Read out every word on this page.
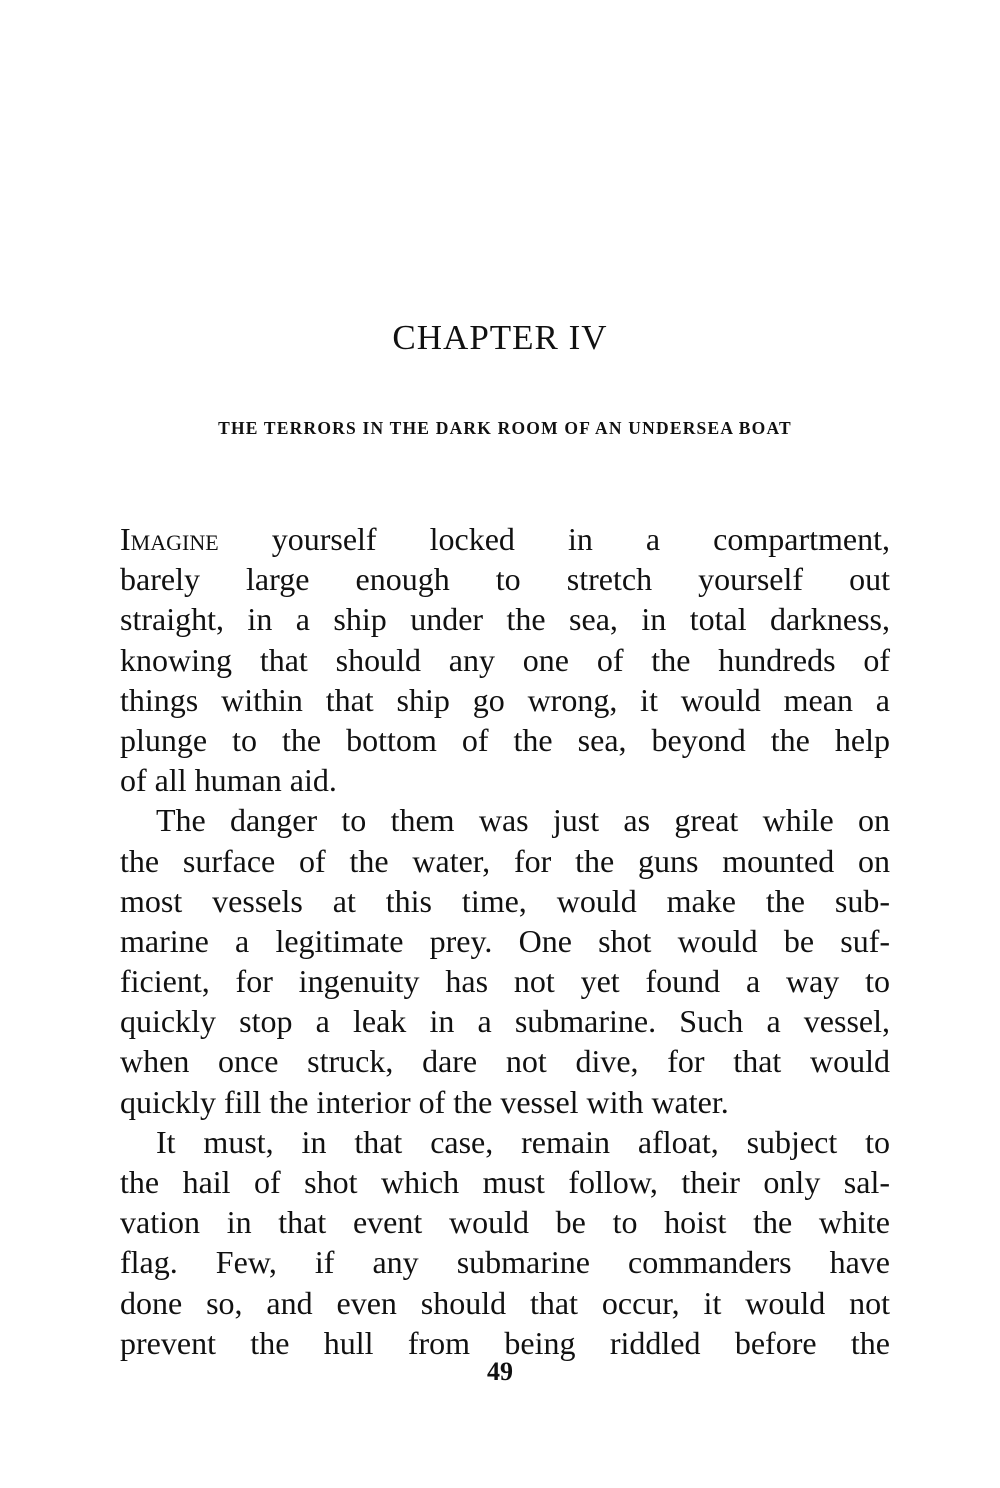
CHAPTER IV
THE TERRORS IN THE DARK ROOM OF AN UNDERSEA BOAT
Imagine yourself locked in a compartment,
barely large enough to stretch yourself out
straight, in a ship under the sea, in total darkness,
knowing that should any one of the hundreds of
things within that ship go wrong, it would mean a
plunge to the bottom of the sea, beyond the help
of all human aid.
The danger to them was just as great while on
the surface of the water, for the guns mounted on
most vessels at this time, would make the sub-
marine a legitimate prey. One shot would be suf-
ficient, for ingenuity has not yet found a way to
quickly stop a leak in a submarine. Such a vessel,
when once struck, dare not dive, for that would
quickly fill the interior of the vessel with water.
It must, in that case, remain afloat, subject to
the hail of shot which must follow, their only sal-
vation in that event would be to hoist the white
flag. Few, if any submarine commanders have
done so, and even should that occur, it would not
prevent the hull from being riddled before the
49
